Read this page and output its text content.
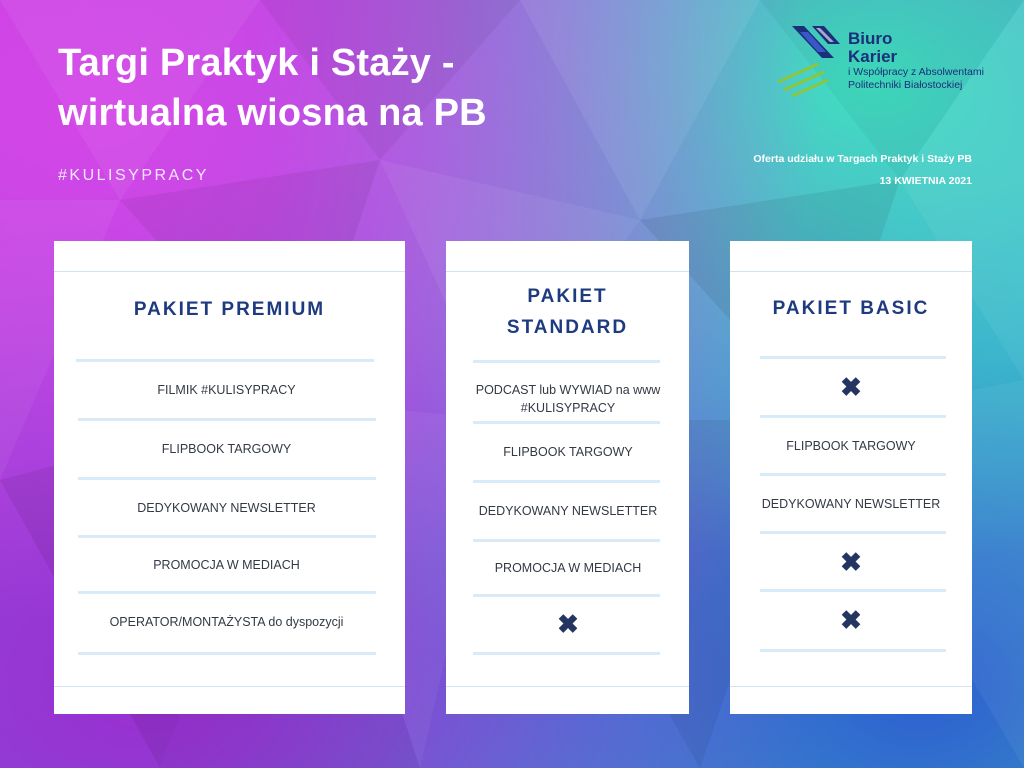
Targi Praktyk i Staży -
wirtualna wiosna na PB
#KULISYPRACY
Biuro
Karier
i Współpracy z Absolwentami
Politechniki Białostockiej
Oferta udziału w Targach Praktyk i Staży PB
13 KWIETNIA 2021
PAKIET PREMIUM
FILMIK #KULISYPRACY
FLIPBOOK TARGOWY
DEDYKOWANY NEWSLETTER
PROMOCJA W MEDIACH
OPERATOR/MONTAŻYSTA do dyspozycji
PAKIET
STANDARD
PODCAST lub WYWIAD na www #KULISYPRACY
FLIPBOOK TARGOWY
DEDYKOWANY NEWSLETTER
PROMOCJA W MEDIACH
✖
PAKIET BASIC
✖
FLIPBOOK TARGOWY
DEDYKOWANY NEWSLETTER
✖
✖
